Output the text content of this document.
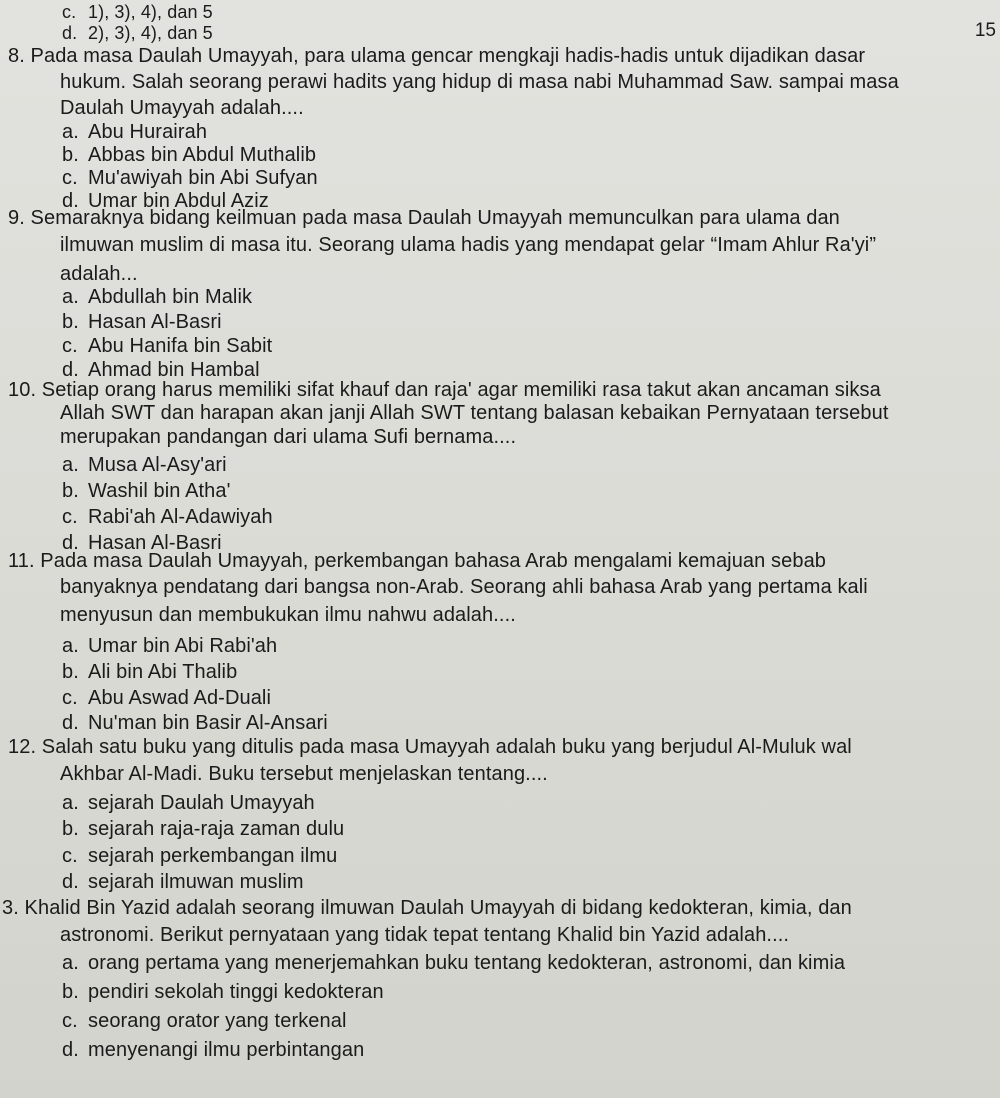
15
c. 1), 3), 4), dan 5
d. 2), 3), 4), dan 5
8. Pada masa Daulah Umayyah, para ulama gencar mengkaji hadis-hadis untuk dijadikan dasar
hukum. Salah seorang perawi hadits yang hidup di masa nabi Muhammad Saw. sampai masa
Daulah Umayyah adalah....
a. Abu Hurairah
b. Abbas bin Abdul Muthalib
c. Mu'awiyah bin Abi Sufyan
d. Umar bin Abdul Aziz
9. Semaraknya bidang keilmuan pada masa Daulah Umayyah memunculkan para ulama dan
ilmuwan muslim di masa itu. Seorang ulama hadis yang mendapat gelar “Imam Ahlur Ra'yi”
adalah...
a. Abdullah bin Malik
b. Hasan Al-Basri
c. Abu Hanifa bin Sabit
d. Ahmad bin Hambal
10. Setiap orang harus memiliki sifat khauf dan raja' agar memiliki rasa takut akan ancaman siksa
Allah SWT dan harapan akan janji Allah SWT tentang balasan kebaikan Pernyataan tersebut
merupakan pandangan dari ulama Sufi bernama....
a. Musa Al-Asy'ari
b. Washil bin Atha'
c. Rabi'ah Al-Adawiyah
d. Hasan Al-Basri
11. Pada masa Daulah Umayyah, perkembangan bahasa Arab mengalami kemajuan sebab
banyaknya pendatang dari bangsa non-Arab. Seorang ahli bahasa Arab yang pertama kali
menyusun dan membukukan ilmu nahwu adalah....
a. Umar bin Abi Rabi'ah
b. Ali bin Abi Thalib
c. Abu Aswad Ad-Duali
d. Nu'man bin Basir Al-Ansari
12. Salah satu buku yang ditulis pada masa Umayyah adalah buku yang berjudul Al-Muluk wal
Akhbar Al-Madi. Buku tersebut menjelaskan tentang....
a. sejarah Daulah Umayyah
b. sejarah raja-raja zaman dulu
c. sejarah perkembangan ilmu
d. sejarah ilmuwan muslim
3. Khalid Bin Yazid adalah seorang ilmuwan Daulah Umayyah di bidang kedokteran, kimia, dan
astronomi. Berikut pernyataan yang tidak tepat tentang Khalid bin Yazid adalah....
a. orang pertama yang menerjemahkan buku tentang kedokteran, astronomi, dan kimia
b. pendiri sekolah tinggi kedokteran
c. seorang orator yang terkenal
d. menyenangi ilmu perbintangan
